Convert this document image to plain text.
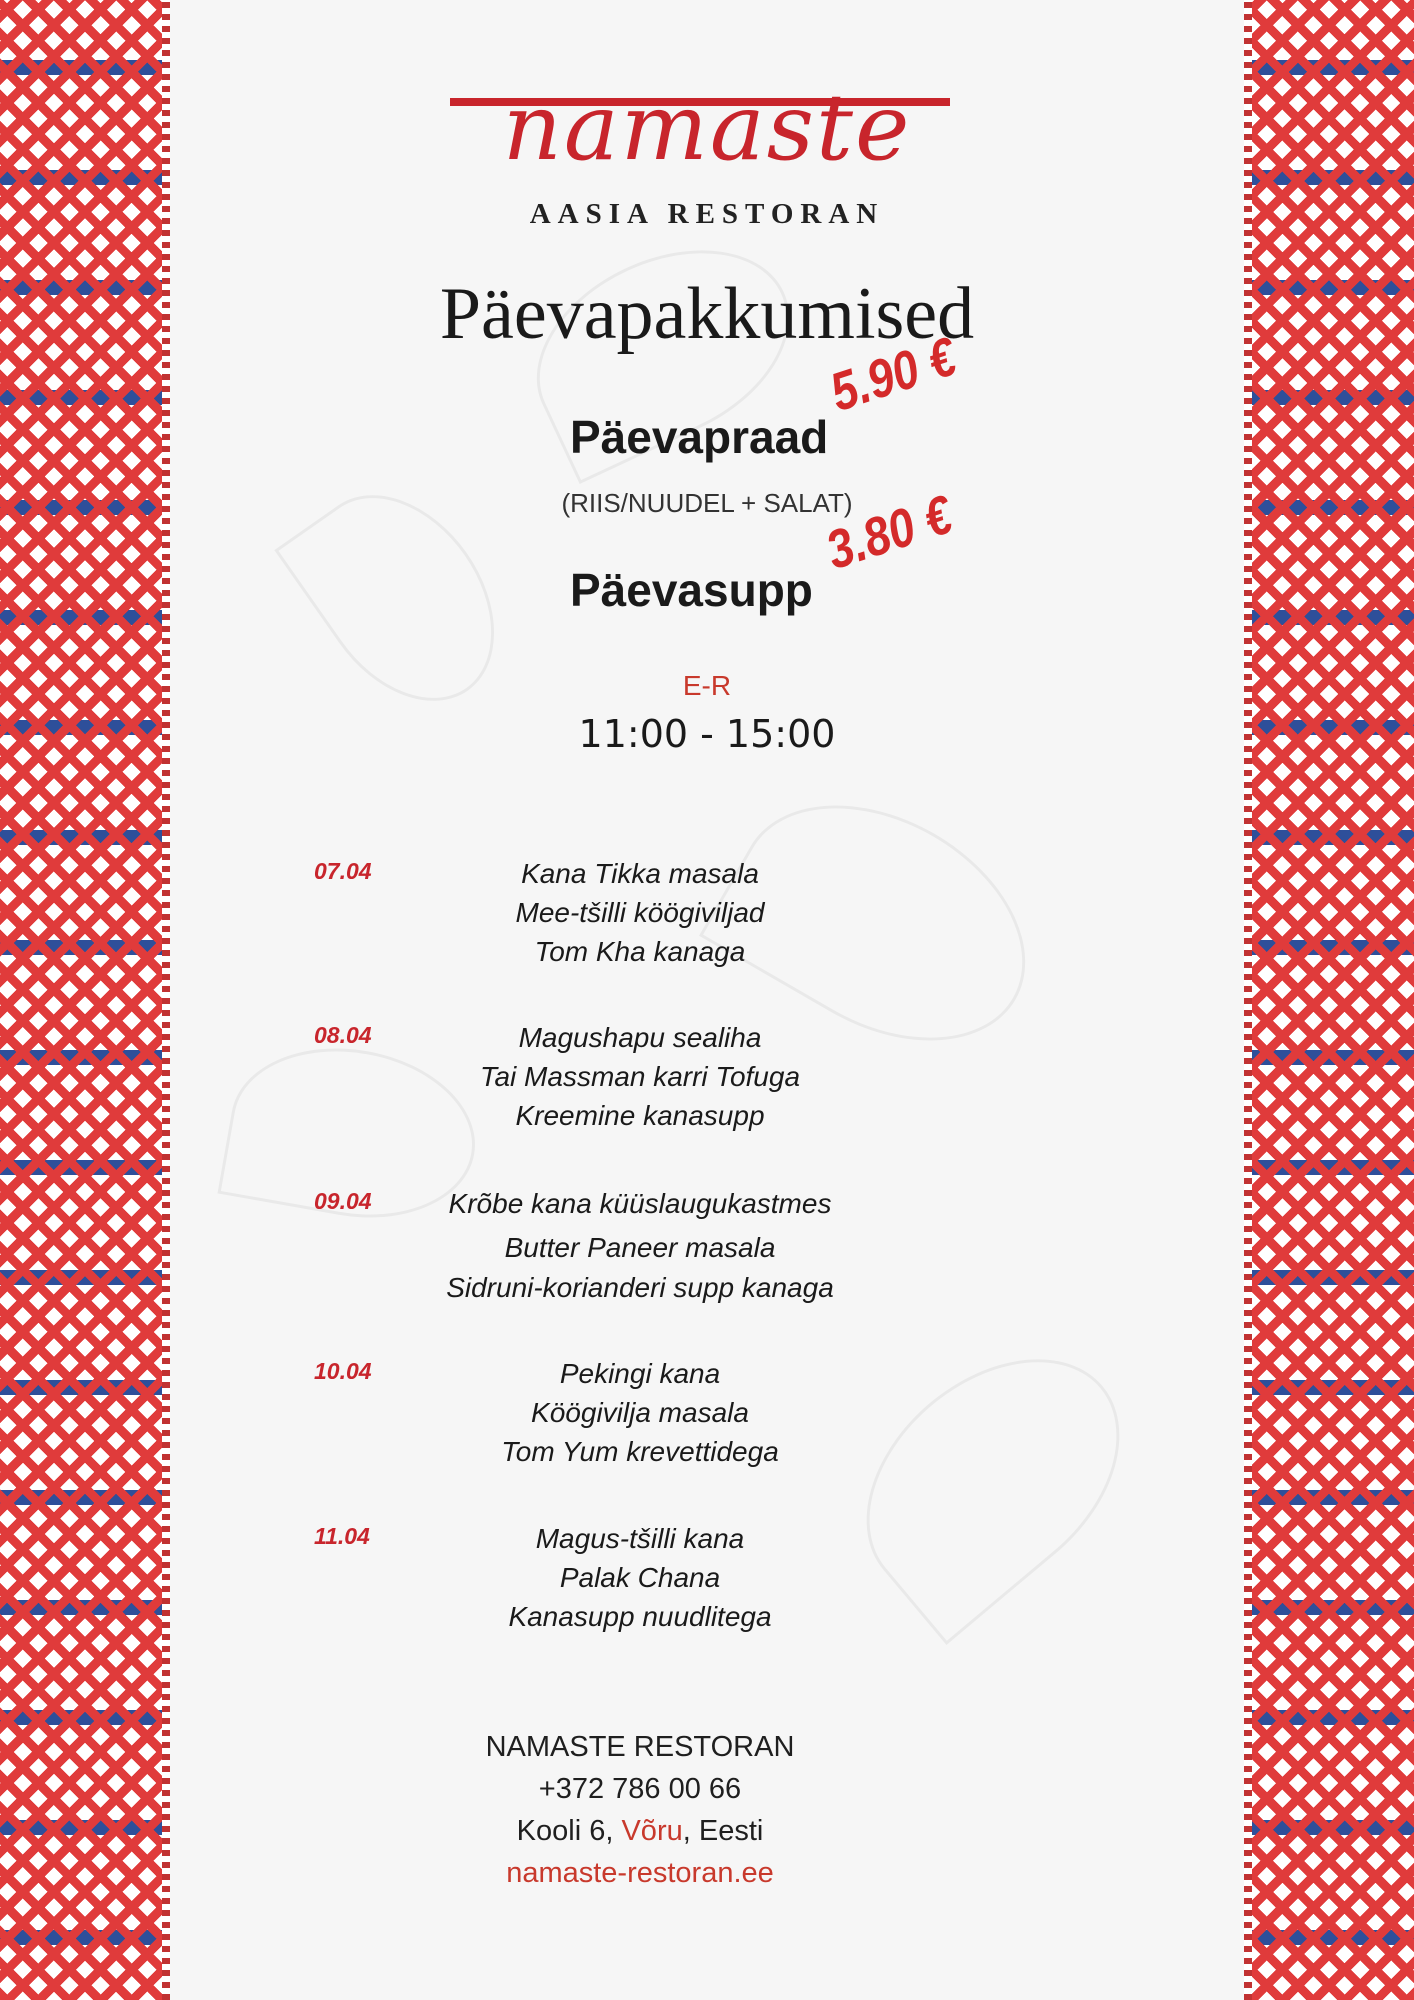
namaste
AASIA RESTORAN
Päevapakkumised
Päevapraad
5.90 €
(RIIS/NUUDEL + SALAT)
Päevasupp
3.80 €
E-R
11:00 - 15:00
07.04	Kana Tikka masala
Mee-tšilli köögiviljad
Tom Kha kanaga
08.04	Magushapu sealiha
Tai Massman karri Tofuga
Kreemine kanasupp
09.04	Krõbe kana küüslaugukastmes
Butter Paneer masala
Sidruni-korianderi supp kanaga
10.04	Pekingi kana
Köögivilja masala
Tom Yum krevettidega
11.04	Magus-tšilli kana
Palak Chana
Kanasupp nuudlitega
NAMASTE RESTORAN
+372 786 00 66
Kooli 6, Võru, Eesti
namaste-restoran.ee
